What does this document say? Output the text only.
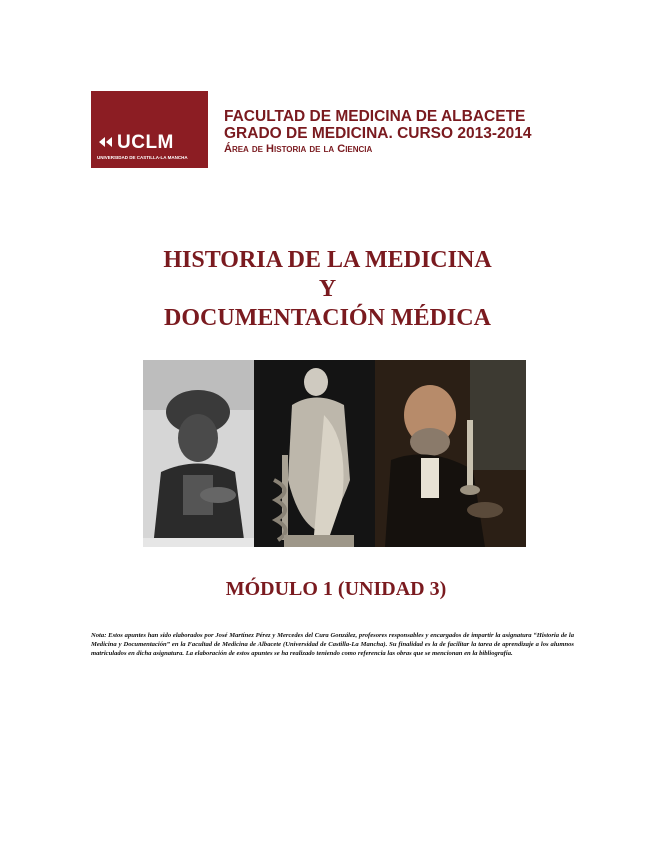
UCLM
UNIVERSIDAD DE CASTILLA-LA MANCHA
FACULTAD DE MEDICINA DE ALBACETE
GRADO DE MEDICINA. CURSO 2013-2014
Área de Historia de la Ciencia
HISTORIA DE LA MEDICINA
Y
DOCUMENTACIÓN MÉDICA
MÓDULO 1 (UNIDAD 3)
Nota: Estos apuntes han sido elaborados por José Martínez Pérez y Mercedes del Cura González, profesores responsables y encargados de impartir la asignatura “Historia de la Medicina y Documentación” en la Facultad de Medicina de Albacete (Universidad de Castilla-La Mancha). Su finalidad es la de facilitar la tarea de aprendizaje a los alumnos matriculados en dicha asignatura. La elaboración de estos apuntes se ha realizado teniendo como referencia las obras que se mencionan en la bibliografía.
